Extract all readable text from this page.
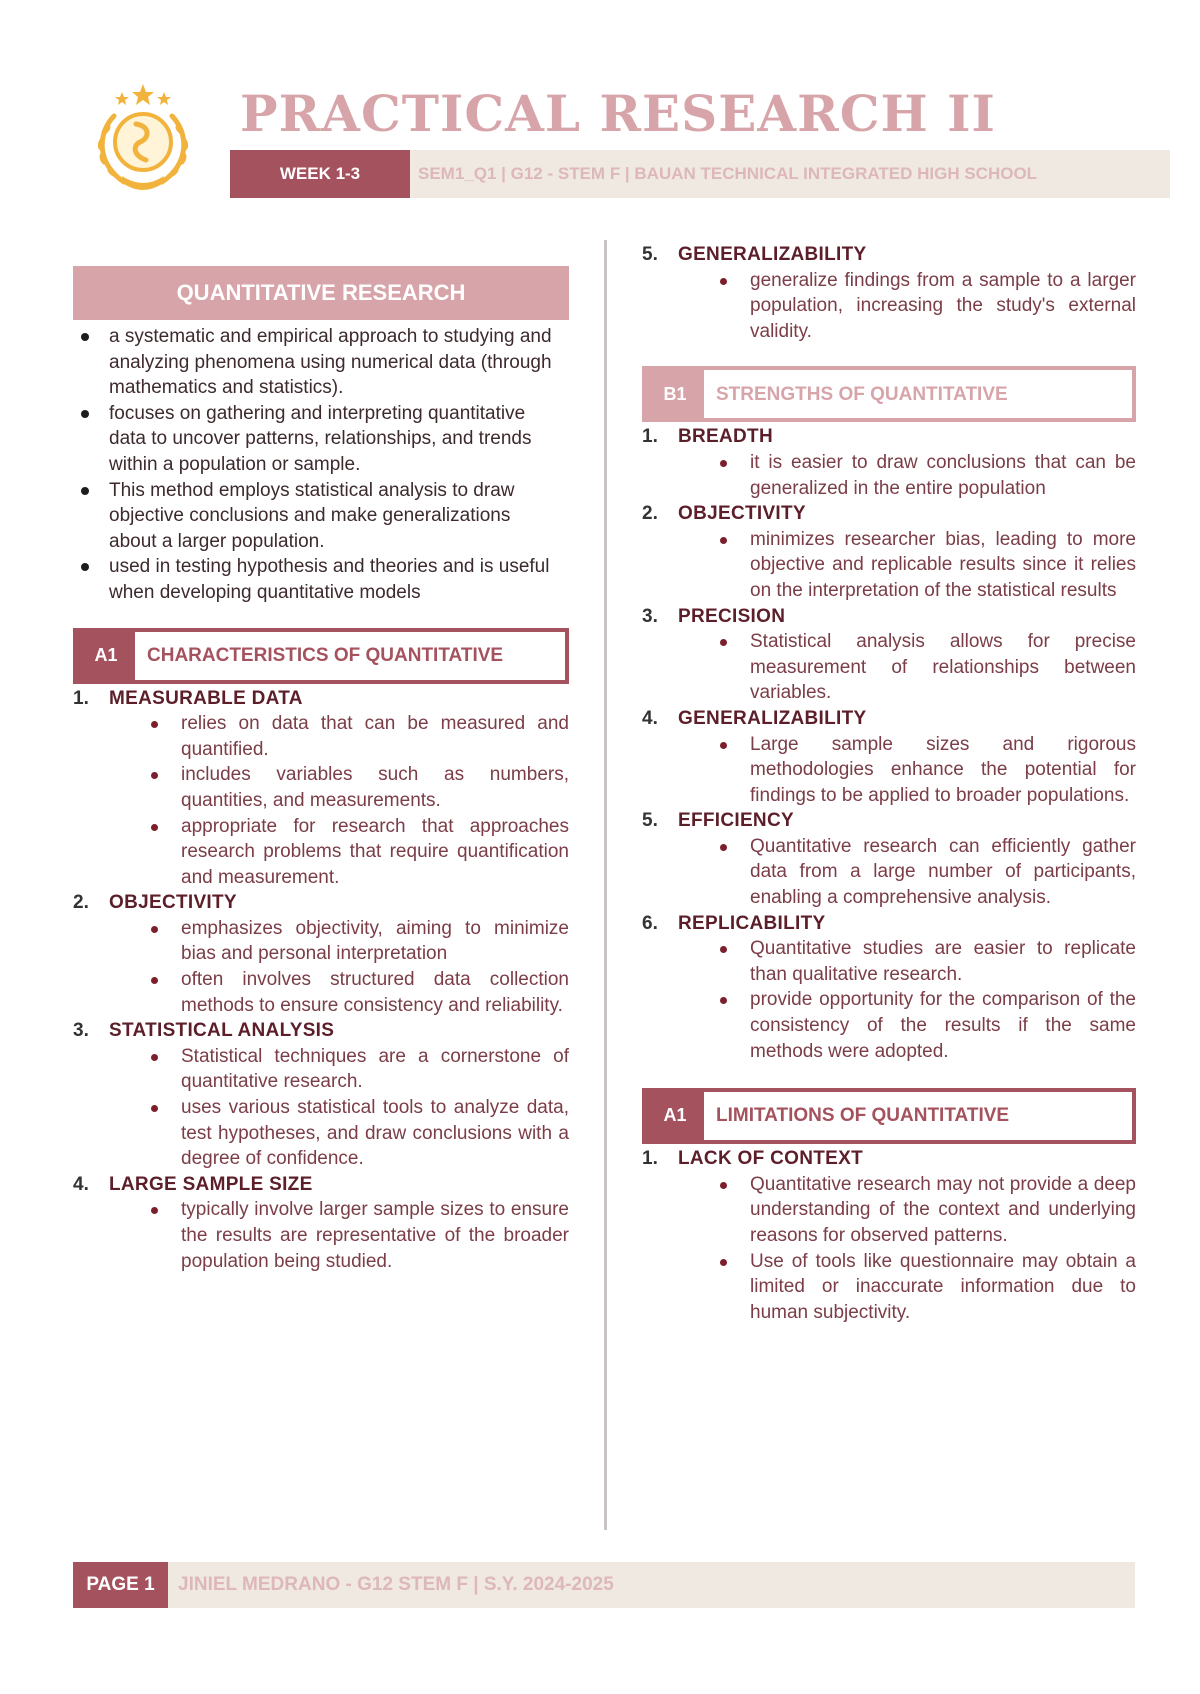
PRACTICAL RESEARCH II
WEEK 1-3	SEM1_Q1 | G12 - STEM F | BAUAN TECHNICAL INTEGRATED HIGH SCHOOL
QUANTITATIVE RESEARCH
a systematic and empirical approach to studying and analyzing phenomena using numerical data (through mathematics and statistics).
focuses on gathering and interpreting quantitative data to uncover patterns, relationships, and trends within a population or sample.
This method employs statistical analysis to draw objective conclusions and make generalizations about a larger population.
used in testing hypothesis and theories and is useful when developing quantitative models
A1	CHARACTERISTICS OF QUANTITATIVE
1. MEASURABLE DATA
relies on data that can be measured and quantified.
includes variables such as numbers, quantities, and measurements.
appropriate for research that approaches research problems that require quantification and measurement.
2. OBJECTIVITY
emphasizes objectivity, aiming to minimize bias and personal interpretation
often involves structured data collection methods to ensure consistency and reliability.
3. STATISTICAL ANALYSIS
Statistical techniques are a cornerstone of quantitative research.
uses various statistical tools to analyze data, test hypotheses, and draw conclusions with a degree of confidence.
4. LARGE SAMPLE SIZE
typically involve larger sample sizes to ensure the results are representative of the broader population being studied.
5. GENERALIZABILITY
generalize findings from a sample to a larger population, increasing the study's external validity.
B1	STRENGTHS OF QUANTITATIVE
1. BREADTH
it is easier to draw conclusions that can be generalized in the entire population
2. OBJECTIVITY
minimizes researcher bias, leading to more objective and replicable results since it relies on the interpretation of the statistical results
3. PRECISION
Statistical analysis allows for precise measurement of relationships between variables.
4. GENERALIZABILITY
Large sample sizes and rigorous methodologies enhance the potential for findings to be applied to broader populations.
5. EFFICIENCY
Quantitative research can efficiently gather data from a large number of participants, enabling a comprehensive analysis.
6. REPLICABILITY
Quantitative studies are easier to replicate than qualitative research.
provide opportunity for the comparison of the consistency of the results if the same methods were adopted.
A1	LIMITATIONS OF QUANTITATIVE
1. LACK OF CONTEXT
Quantitative research may not provide a deep understanding of the context and underlying reasons for observed patterns.
Use of tools like questionnaire may obtain a limited or inaccurate information due to human subjectivity.
PAGE 1	JINIEL MEDRANO - G12 STEM F | S.Y. 2024-2025
